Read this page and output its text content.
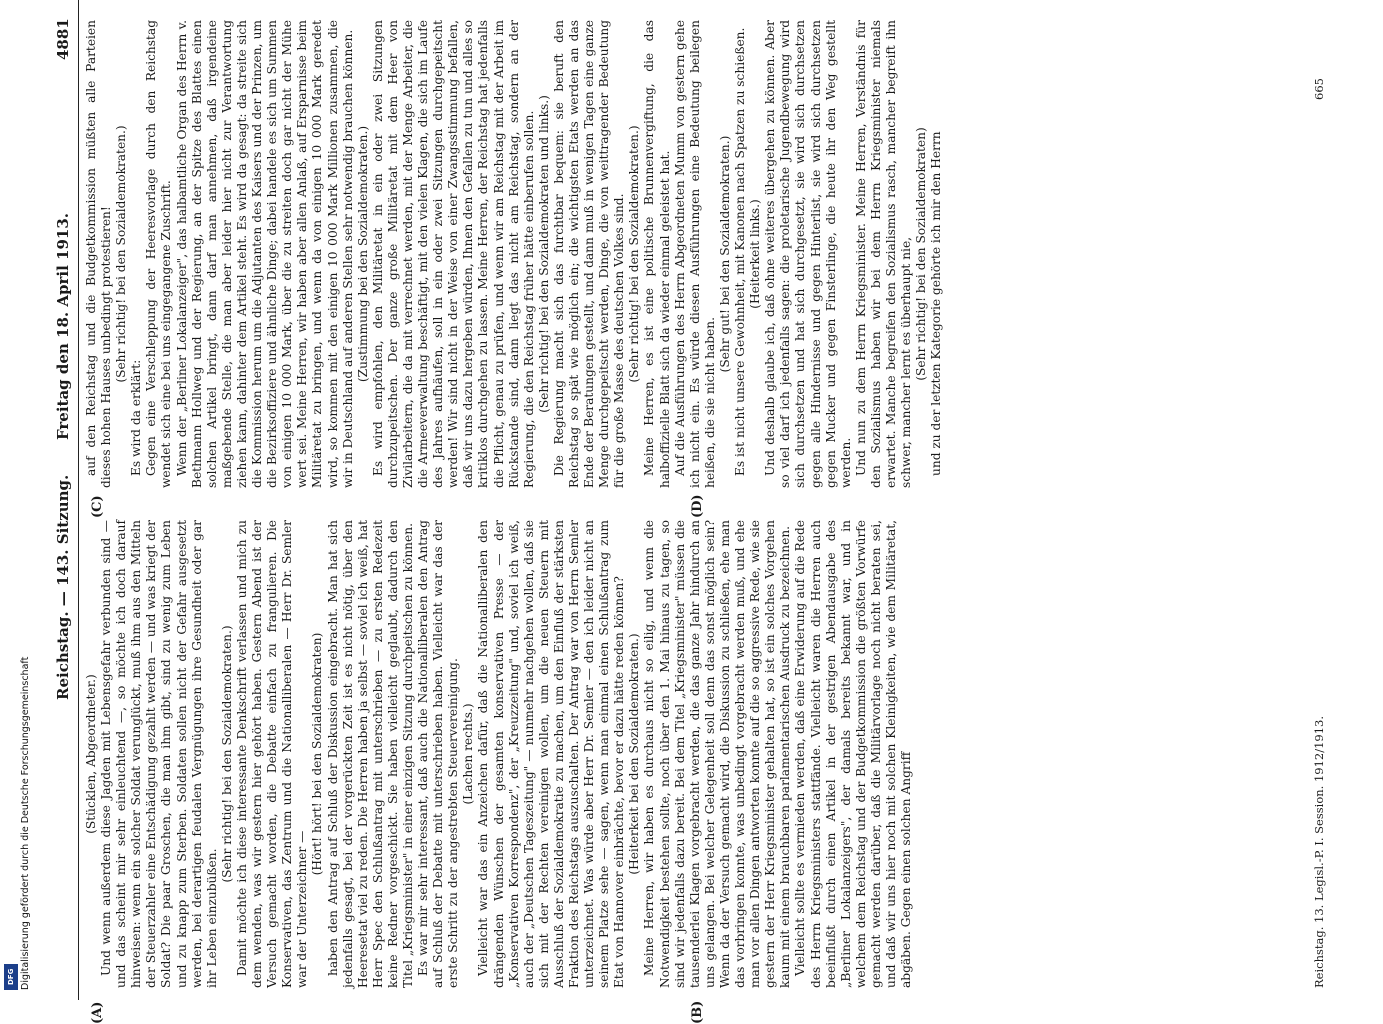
Reichstag. — 143. Sitzung.
Freitag den 18. April 1913.
4881
(A)	(B)
(C)	(D)

(Stücklen, Abgeordneter.) Und wenn außerdem diese Jagden mit Lebensgefahr verbunden sind — und das scheint mir sehr einleuchtend —, so möchte ich doch darauf hinweisen: wenn ein solcher Soldat verunglückt, muß ihm aus den Mitteln der Steuerzahler eine Entschädigung gezahlt werden — und was kriegt der Soldat? Die paar Groschen, die man ihm gibt, sind zu wenig zum Leben und zu knapp zum Sterben. Soldaten sollen nicht der Gefahr ausgesetzt werden, bei derartigen feudalen Vergnügungen ihre Gesundheit oder gar ihr Leben einzubüßen.

(Sehr richtig! bei den Sozialdemokraten.) Damit möchte ich diese interessante Denkschrift verlassen und mich zu dem wenden, was wir gestern hier gehört haben. Gestern Abend ist der Versuch gemacht worden, die Debatte einfach zu frangulieren. Die Konservativen, das Zentrum und die Nationalliberalen — Herr Dr. Semler war der Unterzeichner —

(Hört! hört! bei den Sozialdemokraten) haben den Antrag auf Schluß der Diskussion eingebracht. Man hat sich jedenfalls gesagt, bei der vorgerückten Zeit ist es nicht nötig, über den Heeresetat viel zu reden. Die Herren haben ja selbst — soviel ich weiß, hat Herr Spec den Schlußantrag mit unterschrieben — zu ersten Redezeit keine Redner vorgeschickt. Sie haben vielleicht geglaubt, dadurch den Titel „Kriegsminister" in einer einzigen Sitzung durchpeitschen zu können. Es war mir sehr interessant, daß auch die Nationalliberalen den Antrag auf Schluß der Debatte mit unterschrieben haben. Vielleicht war das der erste Schritt zu der angestrebten Steuervereinigung. (Lachen rechts.) Vielleicht war das ein Anzeichen dafür, daß die Nationalliberalen den drängenden Wünschen der gesamten konservativen Presse — der „Konservativen Korrespondenz", der „Kreuzzeitung" und, soviel ich weiß, auch der „Deutschen Tageszeitung" — nunmehr nachgehen wollen, daß sie sich mit der Rechten vereinigen wollen, um die neuen Steuern mit Ausschluß der Sozialdemokratie zu machen, um den Einfluß der stärksten Fraktion des Reichstags auszuschalten. Der Antrag war von Herrn Semler unterzeichnet. Was würde aber Herr Dr. Semler — den ich leider nicht an seinem Platze sehe — sagen, wenn man einmal einen Schlußantrag zum Etat von Hannover einbrächte, bevor er dazu hätte reden können? (Heiterkeit bei den Sozialdemokraten.) Meine Herren, wir haben es durchaus nicht so eilig, und wenn die Notwendigkeit bestehen sollte, noch über den 1. Mai hinaus zu tagen, so sind wir jedenfalls dazu bereit. Bei dem Titel „Kriegsminister" müssen die tausenderlei Klagen vorgebracht werden, die das ganze Jahr hindurch an uns gelangen. Bei welcher Gelegenheit soll denn das sonst möglich sein? Wenn da der Versuch gemacht wird, die Diskussion zu schließen, ehe man das vorbringen konnte, was unbedingt vorgebracht werden muß, und ehe man vor allen Dingen antworten konnte auf die so aggressive Rede, wie sie gestern der Herr Kriegsminister gehalten hat, so ist ein solches Vorgehen kaum mit einem brauchbaren parlamentarischen Ausdruck zu bezeichnen. Vielleicht sollte es vermieden werden, daß eine Erwiderung auf die Rede des Herrn Kriegsministers stattfände. Vielleicht waren die Herren auch beeinflußt durch einen Artikel in der gestrigen Abendausgabe des „Berliner Lokalanzeigers", der damals bereits bekannt war, und in welchem dem Reichstag und der Budgetkommission die größten Vorwürfe gemacht werden darüber, daß die Militärvorlage noch nicht beraten sei, und daß wir uns hier noch mit solchen Kleinigkeiten, wie dem Militäretat, abgäben. Gegen einen solchen Angriff

auf den Reichstag und die Budgetkommission müßten alle Parteien dieses hohen Hauses unbedingt protestieren! (Sehr richtig! bei den Sozialdemokraten.)

Es wird da erklärt: Gegen eine Verschleppung der Heeresvorlage durch den Reichstag wendet sich eine bei uns eingegangene Zuschrift. Wenn der „Berliner Lokalanzeiger", das halbamtliche Organ des Herrn v. Bethmann Hollweg und der Regierung, an der Spitze des Blattes einen solchen Artikel bringt, dann darf man annehmen, daß irgendeine maßgebende Stelle, die man aber leider hier nicht zur Verantwortung ziehen kann, dahinter dem Artikel steht. Es wird da gesagt: da streite sich die Kommission herum um die Adjutanten des Kaisers und der Prinzen, um die Bezirksoffiziere und ähnliche Dinge; dabei handele es sich um Summen von einigen 10 000 Mark, über die zu streiten doch gar nicht der Mühe wert sei. Meine Herren, wir haben aber allen Anlaß, auf Ersparnisse beim Militäretat zu bringen, und wenn da von einigen 10 000 Mark geredet wird, so kommen mit den einigen 10 000 Mark Millionen zusammen, die wir in Deutschland auf anderen Stellen sehr notwendig brauchen können. (Zustimmung bei den Sozialdemokraten.) Es wird empfohlen, den Militäretat in ein oder zwei Sitzungen durchzupeitschen. Der ganze große Militäretat mit dem Heer von Zivilarbeitern, die da mit verrechnet werden, mit der Menge Arbeiter, die die Armeeverwaltung beschäftigt, mit den vielen Klagen, die sich im Laufe des Jahres aufhäufen, soll in ein oder zwei Sitzungen durchgepeitscht werden! Wir sind nicht in der Weise von einer Zwangsstimmung befallen, daß wir uns dazu hergeben würden, Ihnen den Gefallen zu tun und alles so kritiklos durchgehen zu lassen. Meine Herren, der Reichstag hat jedenfalls die Pflicht, genau zu prüfen, und wenn wir am Reichstag mit der Arbeit im Rückstande sind, dann liegt das nicht am Reichstag, sondern an der Regierung, die den Reichstag früher hätte einberufen sollen. (Sehr richtig! bei den Sozialdemokraten und links.) Die Regierung macht sich das furchtbar bequem: sie beruft den Reichstag so spät wie möglich ein; die wichtigsten Etats werden an das Ende der Beratungen gestellt, und dann muß in wenigen Tagen eine ganze Menge durchgepeitscht werden, Dinge, die von weittragender Bedeutung für die große Masse des deutschen Volkes sind. (Sehr richtig! bei den Sozialdemokraten.) Meine Herren, es ist eine politische Brunnenvergiftung, die das halboffizielle Blatt sich da wieder einmal geleistet hat. Auf die Ausführungen des Herrn Abgeordneten Mumm von gestern gehe ich nicht ein. Es würde diesen Ausführungen eine Bedeutung beilegen heißen, die sie nicht haben.

(Sehr gut! bei den Sozialdemokraten.) Es ist nicht unsere Gewohnheit, mit Kanonen nach Spatzen zu schießen. (Heiterkeit links.) Und deshalb glaube ich, daß ohne weiteres übergehen zu können. Aber so viel darf ich jedenfalls sagen: die proletarische Jugendbewegung wird sich durchsetzen und hat sich durchgesetzt, sie wird sich durchsetzen gegen alle Hindernisse und gegen Hinterlist, sie wird sich durchsetzen gegen Mucker und gegen Finsterlinge, die heute ihr den Weg gestellt werden. Und nun zu dem Herrn Kriegsminister. Meine Herren, Verständnis für den Sozialismus haben wir bei dem Herrn Kriegsminister niemals erwartet. Manche begreifen den Sozialismus rasch, mancher begreift ihn schwer, mancher lernt es überhaupt nie, (Sehr richtig! bei den Sozialdemokraten) und zu der letzten Kategorie gehörte ich mir den Herrn

Reichstag. 13. Legisl.-P. I. Session. 1912/1913.
665
DFG Digitalisierung gefördert durch die Deutsche Forschungsgemeinschaft
